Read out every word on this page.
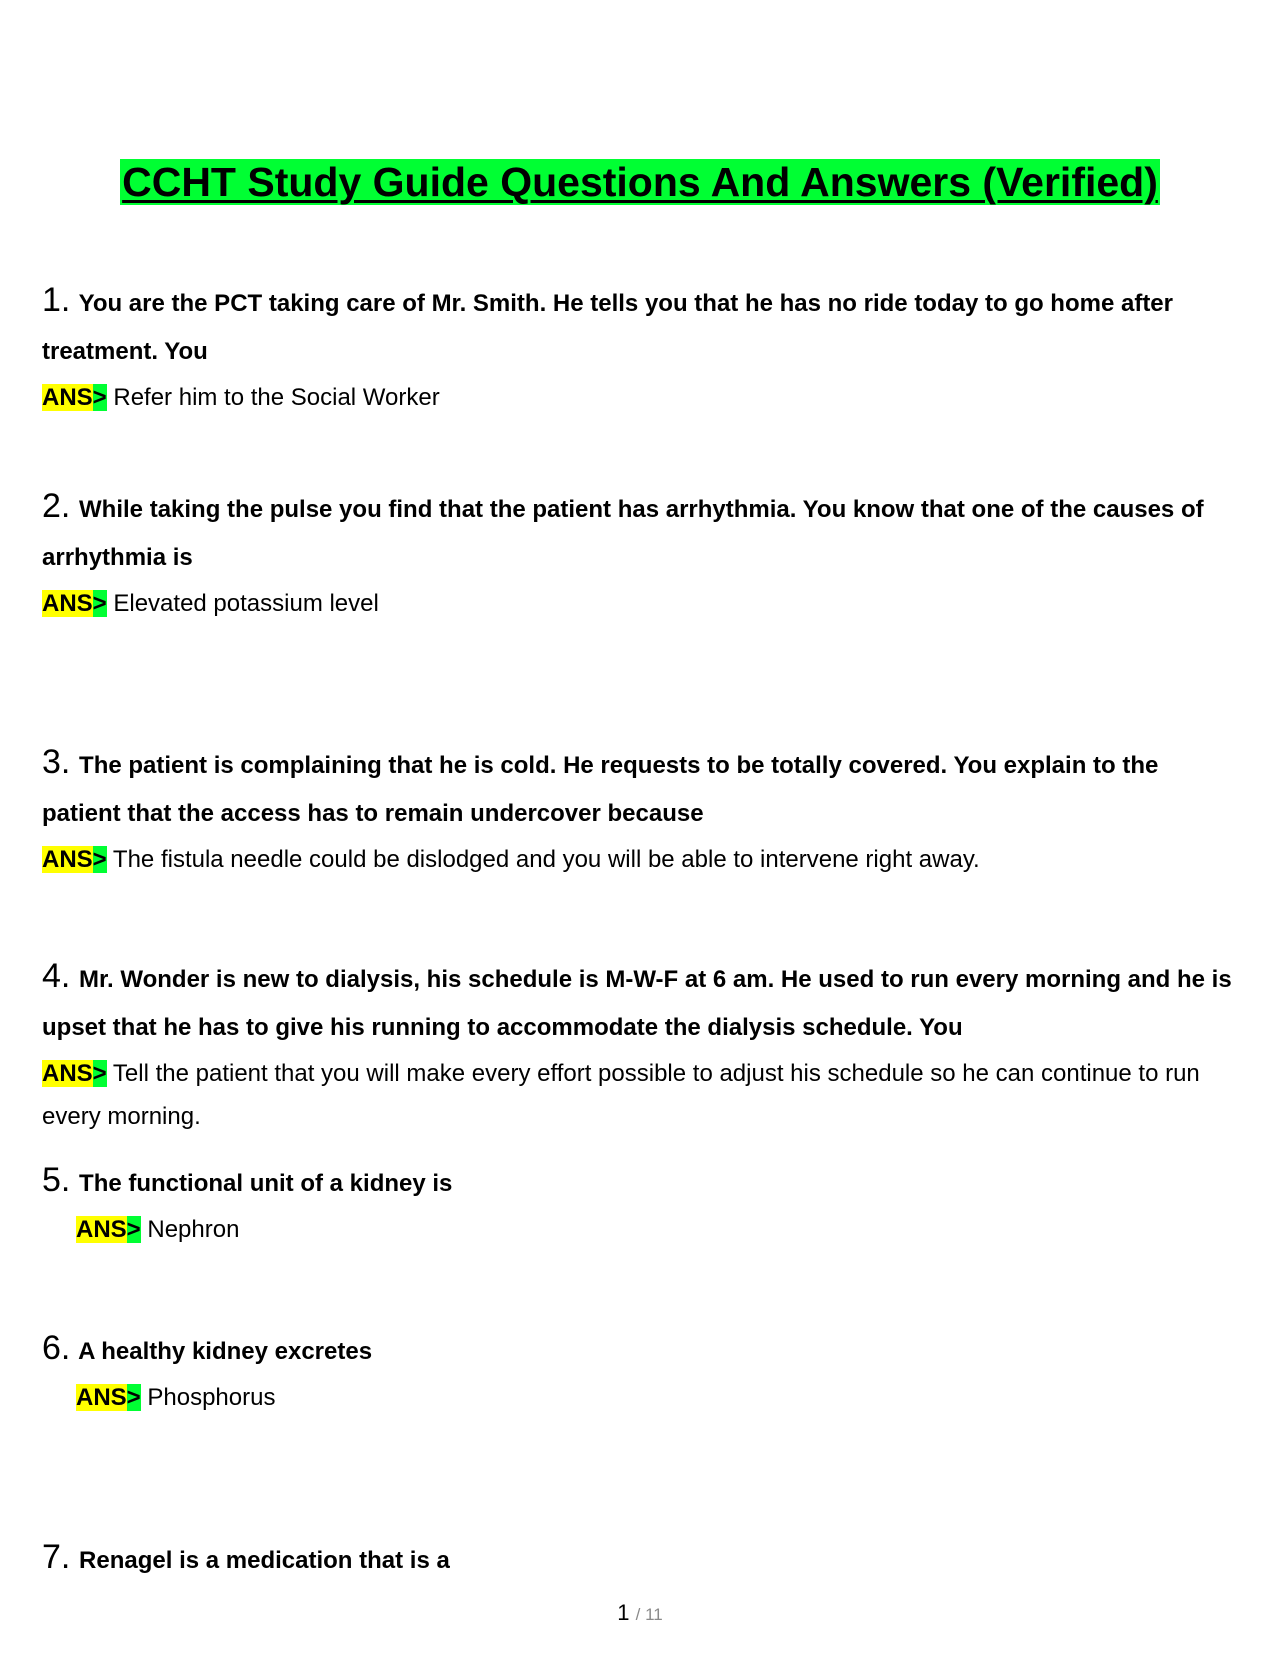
CCHT Study Guide Questions And Answers (Verified)

1. You are the PCT taking care of Mr. Smith. He tells you that he has no ride today to go home after treatment. You

ANS> Refer him to the Social Worker

2. While taking the pulse you find that the patient has arrhythmia. You know that one of the causes of arrhythmia is

ANS> Elevated potassium level

3. The patient is complaining that he is cold. He requests to be totally covered. You explain to the patient that the access has to remain undercover because

ANS> The fistula needle could be dislodged and you will be able to intervene right away.

4. Mr. Wonder is new to dialysis, his schedule is M-W-F at 6 am. He used to run every morning and he is upset that he has to give his running to accommodate the dialysis schedule. You

ANS> Tell the patient that you will make every effort possible to adjust his schedule so he can continue to run every morning.

5. The functional unit of a kidney is

ANS> Nephron

6. A healthy kidney excretes

ANS> Phosphorus

7. Renagel is a medication that is a

1 / 11
